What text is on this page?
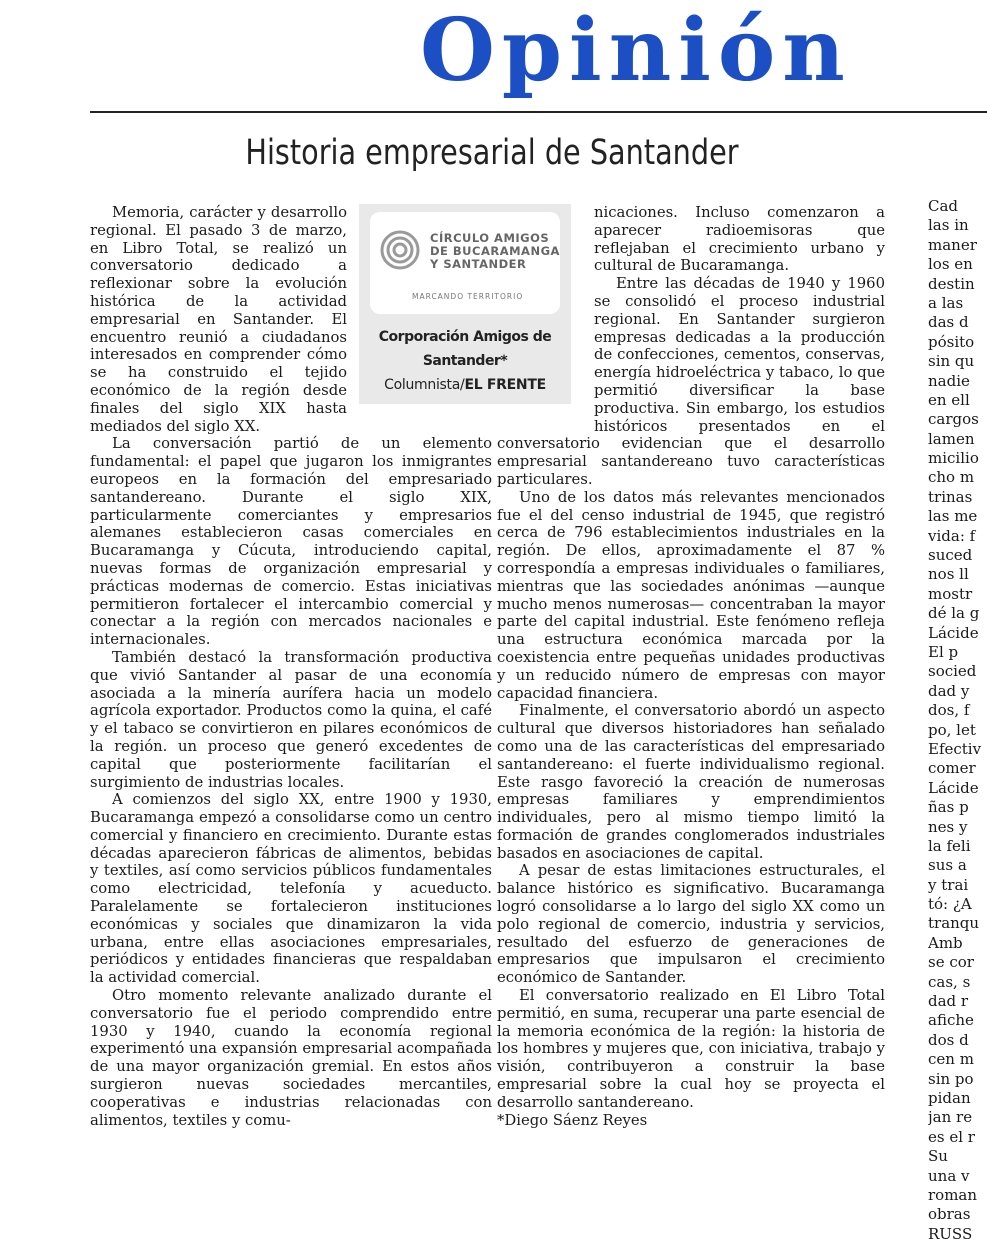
Opinión
Historia empresarial de Santander

Memoria, carácter y desarrollo regional. El pasado 3 de marzo, en Libro Total, se realizó un conversatorio dedicado a reflexionar sobre la evolución histórica de la actividad empresarial en Santander. El encuentro reunió a ciudadanos interesados en comprender cómo se ha construido el tejido económico de la región desde finales del siglo XIX hasta mediados del siglo XX.

La conversación partió de un elemento fundamental: el papel que jugaron los inmigrantes europeos en la formación del empresariado santandereano. Durante el siglo XIX, particularmente comerciantes y empresarios alemanes establecieron casas comerciales en Bucaramanga y Cúcuta, introduciendo capital, nuevas formas de organización empresarial y prácticas modernas de comercio. Estas iniciativas permitieron fortalecer el intercambio comercial y conectar a la región con mercados nacionales e internacionales.

También destacó la transformación productiva que vivió Santander al pasar de una economía asociada a la minería aurífera hacia un modelo agrícola exportador. Productos como la quina, el café y el tabaco se convirtieron en pilares económicos de la región. un proceso que generó excedentes de capital que posteriormente facilitarían el surgimiento de industrias locales.

A comienzos del siglo XX, entre 1900 y 1930, Bucaramanga empezó a consolidarse como un centro comercial y financiero en crecimiento. Durante estas décadas aparecieron fábricas de alimentos, bebidas y textiles, así como servicios públicos fundamentales como electricidad, telefonía y acueducto. Paralelamente se fortalecieron instituciones económicas y sociales que dinamizaron la vida urbana, entre ellas asociaciones empresariales, periódicos y entidades financieras que respaldaban la actividad comercial.

Otro momento relevante analizado durante el conversatorio fue el periodo comprendido entre 1930 y 1940, cuando la economía regional experimentó una expansión empresarial acompañada de una mayor organización gremial. En estos años surgieron nuevas sociedades mercantiles, cooperativas e industrias relacionadas con alimentos, textiles y comu-

nicaciones. Incluso comenzaron a aparecer radioemisoras que reflejaban el crecimiento urbano y cultural de Bucaramanga.

Entre las décadas de 1940 y 1960 se consolidó el proceso industrial regional. En Santander surgieron empresas dedicadas a la producción de confecciones, cementos, conservas, energía hidroeléctrica y tabaco, lo que permitió diversificar la base productiva. Sin embargo, los estudios históricos presentados en el conversatorio evidencian que el desarrollo empresarial santandereano tuvo características particulares.

Uno de los datos más relevantes mencionados fue el del censo industrial de 1945, que registró cerca de 796 establecimientos industriales en la región. De ellos, aproximadamente el 87 % correspondía a empresas individuales o familiares, mientras que las sociedades anónimas —aunque mucho menos numerosas— concentraban la mayor parte del capital industrial. Este fenómeno refleja una estructura económica marcada por la coexistencia entre pequeñas unidades productivas y un reducido número de empresas con mayor capacidad financiera.

Finalmente, el conversatorio abordó un aspecto cultural que diversos historiadores han señalado como una de las características del empresariado santandereano: el fuerte individualismo regional. Este rasgo favoreció la creación de numerosas empresas familiares y emprendimientos individuales, pero al mismo tiempo limitó la formación de grandes conglomerados industriales basados en asociaciones de capital.

A pesar de estas limitaciones estructurales, el balance histórico es significativo. Bucaramanga logró consolidarse a lo largo del siglo XX como un polo regional de comercio, industria y servicios, resultado del esfuerzo de generaciones de empresarios que impulsaron el crecimiento económico de Santander.

El conversatorio realizado en El Libro Total permitió, en suma, recuperar una parte esencial de la memoria económica de la región: la historia de los hombres y mujeres que, con iniciativa, trabajo y visión, contribuyeron a construir la base empresarial sobre la cual hoy se proyecta el desarrollo santandereano.

*Diego Sáenz Reyes

CÍRCULO AMIGOS
DE BUCARAMANGA
Y SANTANDER
MARCANDO TERRITORIO
Corporación Amigos de
Santander*
Columnista/EL FRENTE
Cad
las in
maner
los en
destin
a las
das d
pósito
sin qu
nadie
en ell
cargos
lamen
micilio
cho m
trinas
las me
vida: f
suced
nos ll
mostr
dé la g
Lácide
El p
socied
dad y
dos, f
po, let
Efectiv
comer
Lácide
ñas p
nes y
la feli
sus a
y trai
tó: ¿A
tranqu
Amb
se cor
cas, s
dad r
afiche
dos d
cen m
sin po
pidan
jan re
es el r
Su
una v
roman
obras
RUSS
